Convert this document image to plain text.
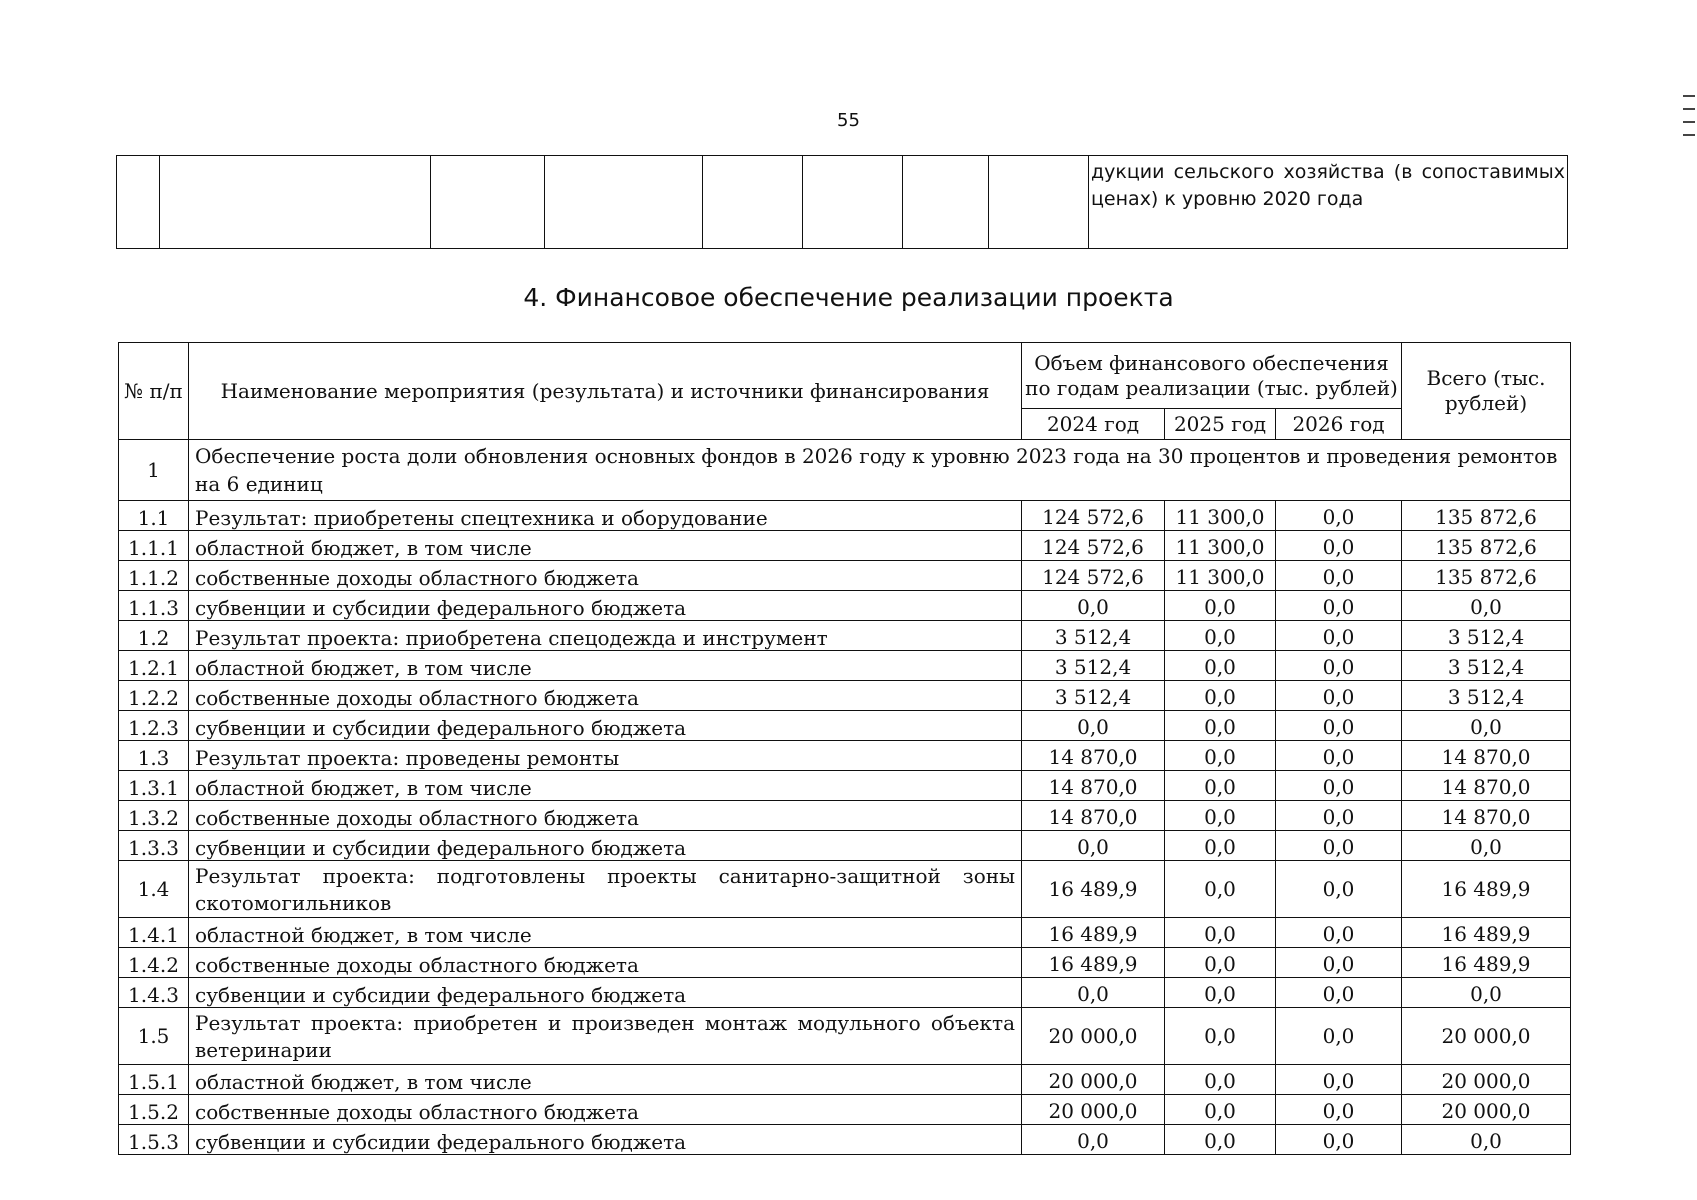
55

дукции сельского хозяйства (в сопоставимых ценах) к уровню 2020 года
4. Финансовое обеспечение реализации проекта
№ п/п	Наименование мероприятия (результата) и источники финансирования	Объем финансового обеспечения по годам реализации (тыс. рублей)			Всего (тыс. рублей)
		2024 год	2025 год	2026 год	
1	Обеспечение роста доли обновления основных фондов в 2026 году к уровню 2023 года на 30 процентов и проведения ремонтов на 6 единиц				
1.1	Результат: приобретены спецтехника и оборудование	124 572,6	11 300,0	0,0	135 872,6
1.1.1	областной бюджет, в том числе	124 572,6	11 300,0	0,0	135 872,6
1.1.2	собственные доходы областного бюджета	124 572,6	11 300,0	0,0	135 872,6
1.1.3	субвенции и субсидии федерального бюджета	0,0	0,0	0,0	0,0
1.2	Результат проекта: приобретена спецодежда и инструмент	3 512,4	0,0	0,0	3 512,4
1.2.1	областной бюджет, в том числе	3 512,4	0,0	0,0	3 512,4
1.2.2	собственные доходы областного бюджета	3 512,4	0,0	0,0	3 512,4
1.2.3	субвенции и субсидии федерального бюджета	0,0	0,0	0,0	0,0
1.3	Результат проекта: проведены ремонты	14 870,0	0,0	0,0	14 870,0
1.3.1	областной бюджет, в том числе	14 870,0	0,0	0,0	14 870,0
1.3.2	собственные доходы областного бюджета	14 870,0	0,0	0,0	14 870,0
1.3.3	субвенции и субсидии федерального бюджета	0,0	0,0	0,0	0,0
1.4	Результат проекта: подготовлены проекты санитарно-защитной зоны скотомогильников	16 489,9	0,0	0,0	16 489,9
1.4.1	областной бюджет, в том числе	16 489,9	0,0	0,0	16 489,9
1.4.2	собственные доходы областного бюджета	16 489,9	0,0	0,0	16 489,9
1.4.3	субвенции и субсидии федерального бюджета	0,0	0,0	0,0	0,0
1.5	Результат проекта: приобретен и произведен монтаж модульного объекта ветеринарии	20 000,0	0,0	0,0	20 000,0
1.5.1	областной бюджет, в том числе	20 000,0	0,0	0,0	20 000,0
1.5.2	собственные доходы областного бюджета	20 000,0	0,0	0,0	20 000,0
1.5.3	субвенции и субсидии федерального бюджета	0,0	0,0	0,0	0,0
